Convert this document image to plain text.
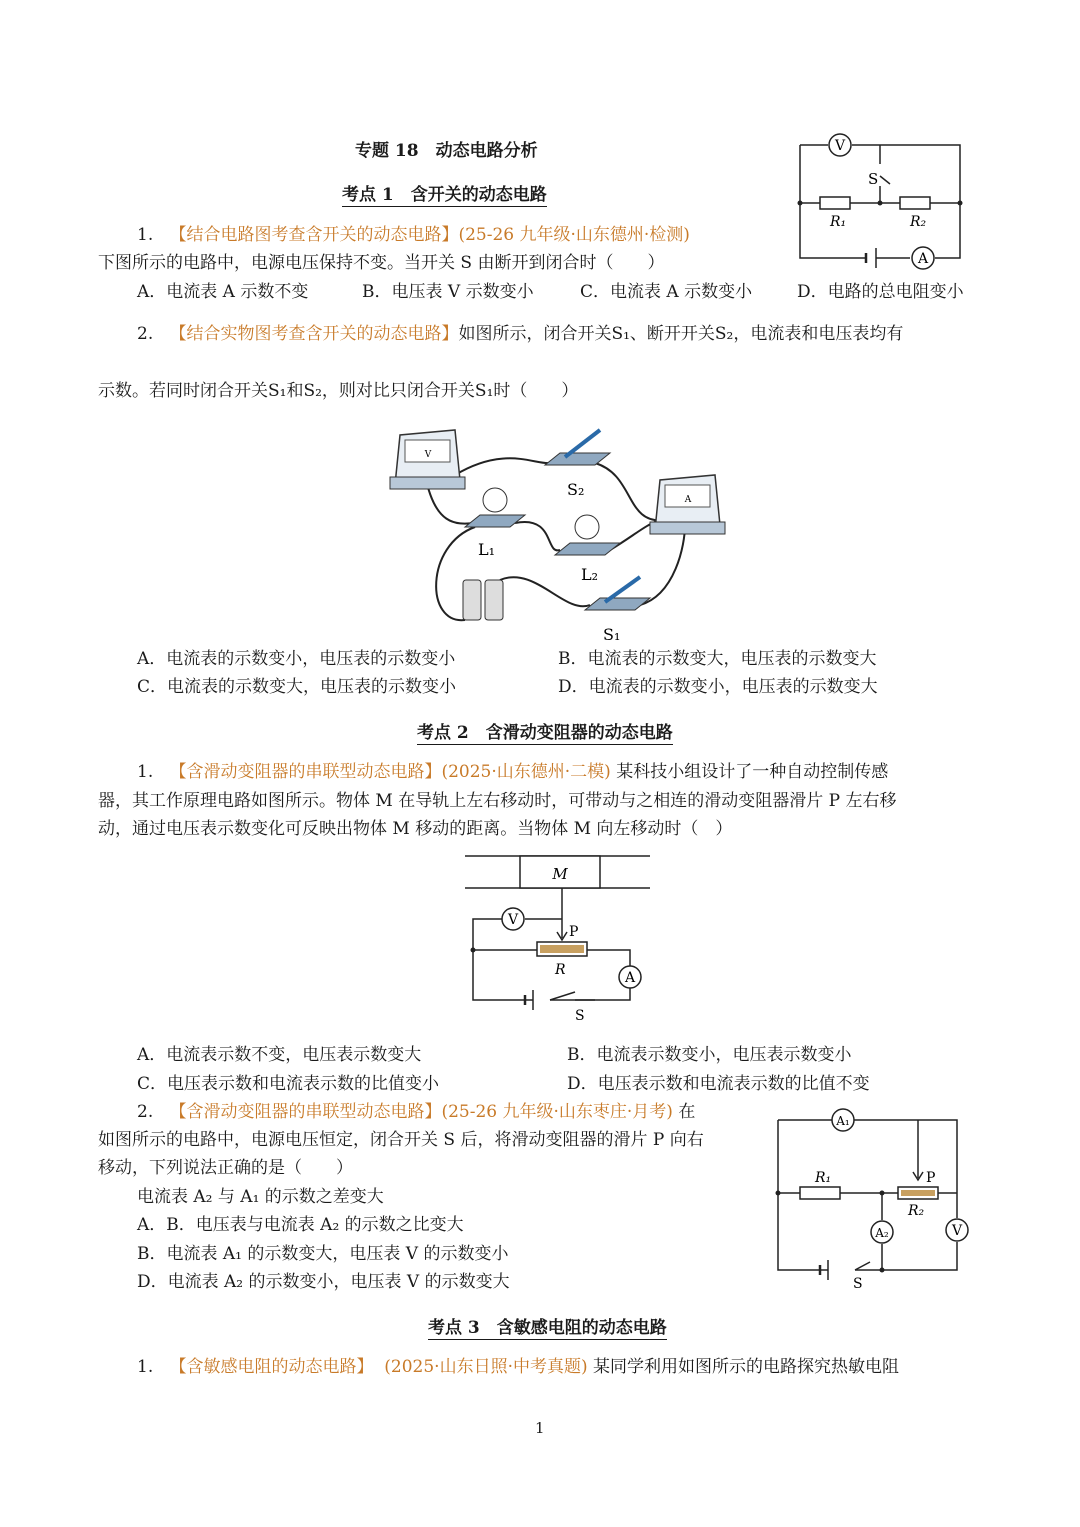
专题 18　动态电路分析	V
S
R₁	R₂
A
考点 1　含开关的动态电路
1. 【结合电路图考查含开关的动态电路】(25-26 九年级·山东德州·检测)
下图所示的电路中，电源电压保持不变。当开关 S 由断开到闭合时（　　）
A．电流表 A 示数不变	B．电压表 V 示数变小	C．电流表 A 示数变小	D．电路的总电阻变小
2. 【结合实物图考查含开关的动态电路】如图所示，闭合开关S₁、断开开关S₂，电流表和电压表均有
示数。若同时闭合开关S₁和S₂，则对比只闭合开关S₁时（　　）
V
A
S₂
L₁
L₂
S₁
A．电流表的示数变小，电压表的示数变小	B．电流表的示数变大，电压表的示数变大
C．电流表的示数变大，电压表的示数变小	D．电流表的示数变小，电压表的示数变大
考点 2　含滑动变阻器的动态电路
1. 【含滑动变阻器的串联型动态电路】(2025·山东德州·二模) 某科技小组设计了一种自动控制传感
器，其工作原理电路如图所示。物体 M 在导轨上左右移动时，可带动与之相连的滑动变阻器滑片 P 左右移
动，通过电压表示数变化可反映出物体 M 移动的距离。当物体 M 向左移动时（　）
M
V
P
R	A
S
A．电流表示数不变，电压表示数变大	B．电流表示数变小，电压表示数变小
C．电压表示数和电流表示数的比值变小	D．电压表示数和电流表示数的比值不变
2. 【含滑动变阻器的串联型动态电路】(25-26 九年级·山东枣庄·月考) 在
如图所示的电路中，电源电压恒定，闭合开关 S 后，将滑动变阻器的滑片 P 向右
移动，下列说法正确的是（　　）
电流表 A₂ 与 A₁ 的示数之差变大
A．B．电压表与电流表 A₂ 的示数之比变大
B．电流表 A₁ 的示数变大，电压表 V 的示数变小
D．电流表 A₂ 的示数变小，电压表 V 的示数变大
A₁
R₁	P
R₂
A₂	V
S
考点 3　含敏感电阻的动态电路
1. 【含敏感电阻的动态电路】 (2025·山东日照·中考真题) 某同学利用如图所示的电路探究热敏电阻
1
